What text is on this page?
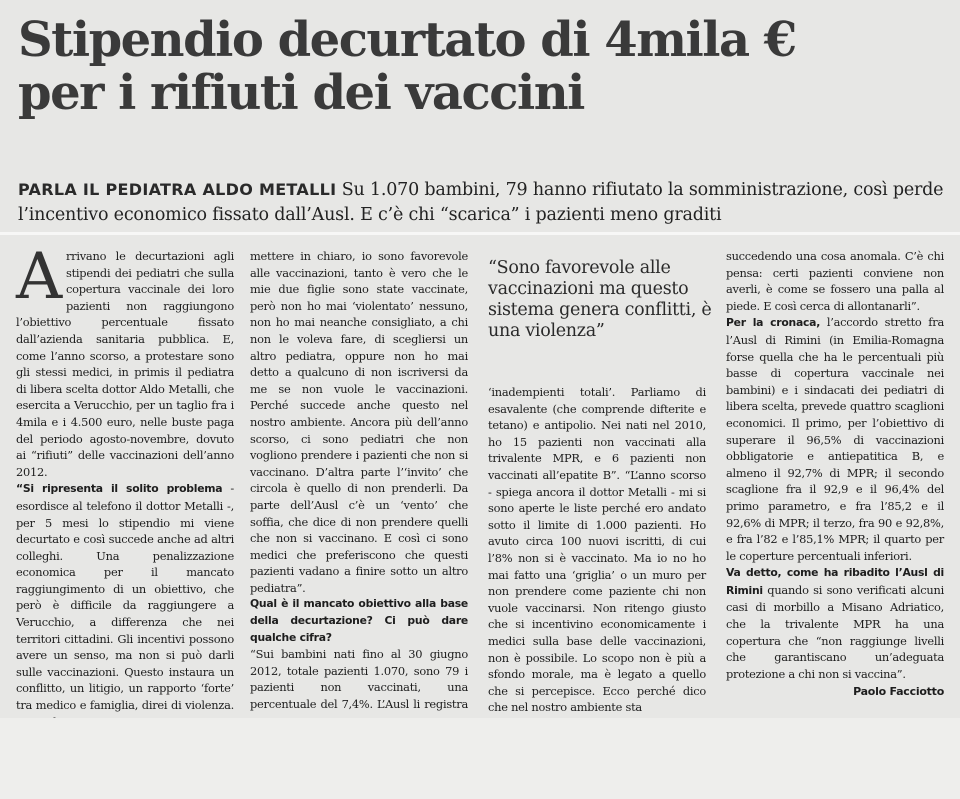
Stipendio decurtato di 4mila €
per i rifiuti dei vaccini
PARLA IL PEDIATRA ALDO METALLI Su 1.070 bambini, 79 hanno rifiutato la somministrazione, così perde l’incentivo economico fissato dall’Ausl. E c’è chi “scarica” i pazienti meno graditi
A rrivano le decurtazioni agli stipendi dei pediatri che sulla copertura vaccinale dei loro pazienti non raggiungono l’obiettivo percentuale fissato dall’azienda sanitaria pubblica. E, come l’anno scorso, a protestare sono gli stessi medici, in primis il pediatra di libera scelta dottor Aldo Metalli, che esercita a Verucchio, per un taglio fra i 4mila e i 4.500 euro, nelle buste paga del periodo agosto-novembre, dovuto ai “rifiuti” delle vaccinazioni dell’anno 2012.

“Si ripresenta il solito problema - esordisce al telefono il dottor Metalli -, per 5 mesi lo stipendio mi viene decurtato e così succede anche ad altri colleghi. Una penalizzazione economica per il mancato raggiungimento di un obiettivo, che però è difficile da raggiungere a Verucchio, a differenza che nei territori cittadini. Gli incentivi possono avere un senso, ma non si può darli sulle vaccinazioni. Questo instaura un conflitto, un litigio, un rapporto ‘forte’ tra medico e famiglia, direi di violenza.

mettere in chiaro, io sono favorevole alle vaccinazioni, tanto è vero che le mie due figlie sono state vaccinate, però non ho mai ‘violentato’ nessuno, non ho mai neanche consigliato, a chi non le voleva fare, di scegliersi un altro pediatra, oppure non ho mai detto a qualcuno di non iscriversi da me se non vuole le vaccinazioni. Perché succede anche questo nel nostro ambiente. Ancora più dell’anno scorso, ci sono pediatri che non vogliono prendere i pazienti che non si vaccinano. D’altra parte l’‘invito’ che circola è quello di non prenderli. Da parte dell’Ausl c’è un ‘vento’ che soffia, che dice di non prendere quelli che non si vaccinano. E così ci sono medici che preferiscono che questi pazienti vadano a finire sotto un altro pediatra”.

Qual è il mancato obiettivo alla base della decurtazione? Ci può dare qualche cifra?

“Sui bambini nati fino al 30 giugno 2012, totale pazienti 1.070, sono 79 i pazienti non vaccinati, una percentuale del 7,4%. L’Ausl li registra

“Sono favorevole alle vaccinazioni ma questo sistema genera conflitti, è una violenza”

‘inadempienti totali’. Parliamo di esavalente (che comprende difterite e tetano) e antipolio. Nei nati nel 2010, ho 15 pazienti non vaccinati alla trivalente MPR, e 6 pazienti non vaccinati all’epatite B”. “L’anno scorso - spiega ancora il dottor Metalli - mi si sono aperte le liste perché ero andato sotto il limite di 1.000 pazienti. Ho avuto circa 100 nuovi iscritti, di cui l’8% non si è vaccinato. Ma io no ho mai fatto una ‘griglia’ o un muro per non prendere come paziente chi non vuole vaccinarsi. Non ritengo giusto che si incentivino economicamente i medici sulla base delle vaccinazioni, non è possibile. Lo scopo non è più a sfondo morale, ma è legato a quello che si percepisce. Ecco perché dico che nel nostro ambiente sta

succedendo una cosa anomala. C’è chi pensa: certi pazienti conviene non averli, è come se fossero una palla al piede. E così cerca di allontanarli”.

Per la cronaca, l’accordo stretto fra l’Ausl di Rimini (in Emilia-Romagna forse quella che ha le percentuali più basse di copertura vaccinale nei bambini) e i sindacati dei pediatri di libera scelta, prevede quattro scaglioni economici. Il primo, per l’obiettivo di superare il 96,5% di vaccinazioni obbligatorie e antiepatitica B, e almeno il 92,7% di MPR; il secondo scaglione fra il 92,9 e il 96,4% del primo parametro, e fra l’85,2 e il 92,6% di MPR; il terzo, fra 90 e 92,8%, e fra l’82 e l’85,1% MPR; il quarto per le coperture percentuali inferiori.

Va detto, come ha ribadito l’Ausl di Rimini quando si sono verificati alcuni casi di morbillo a Misano Adriatico, che la trivalente MPR ha una copertura che “non raggiunge livelli che garantiscano un’adeguata protezione a chi non si vaccina”.

Paolo Facciotto
